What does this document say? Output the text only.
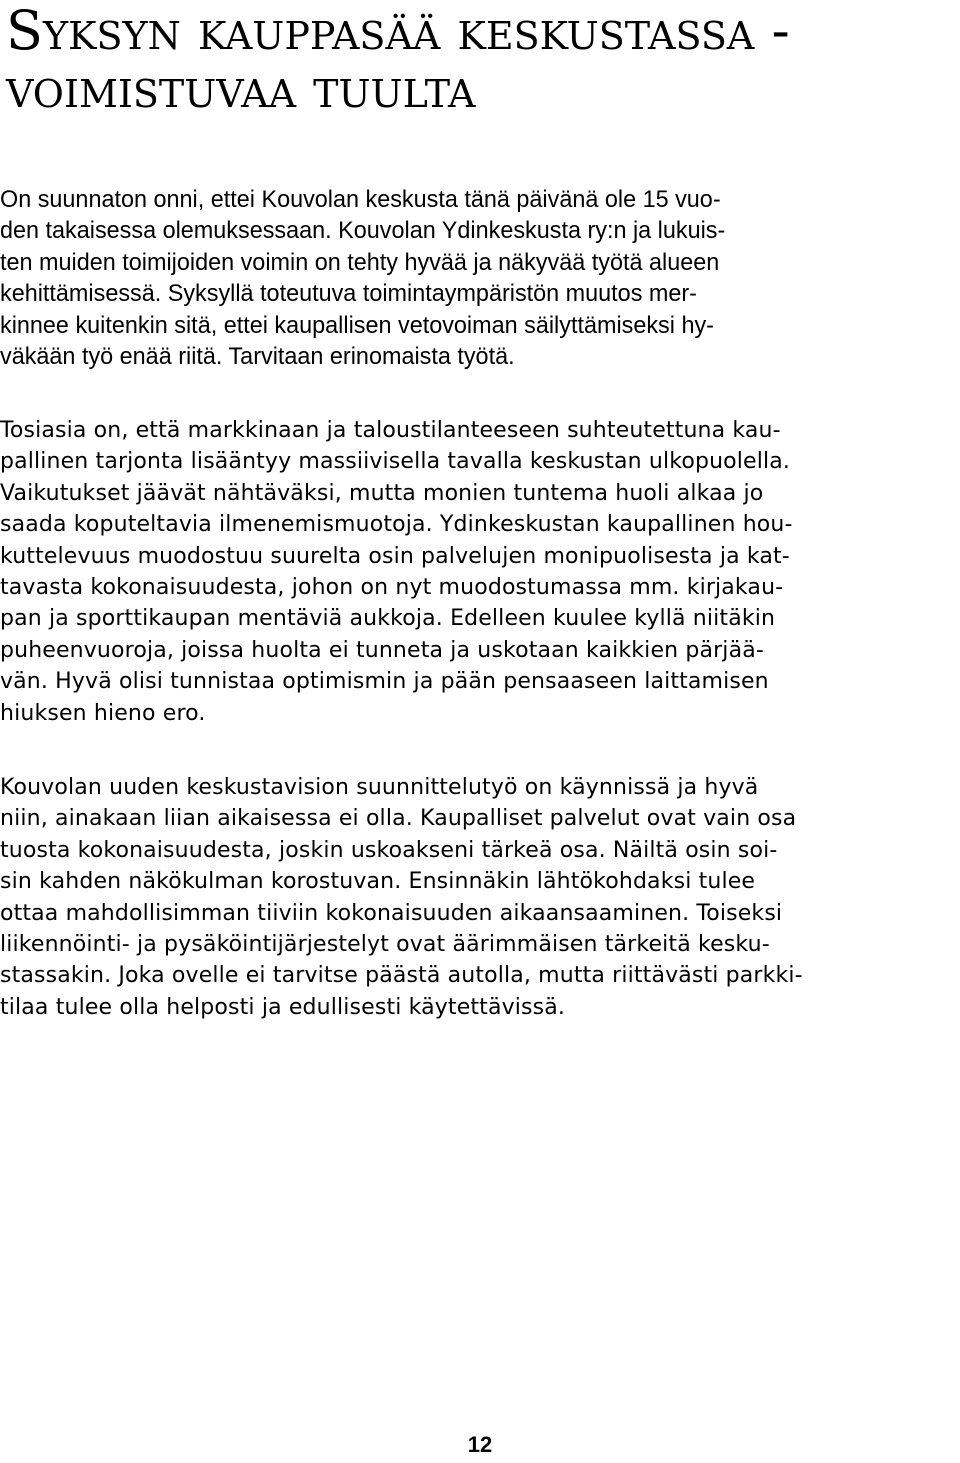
Syksyn kauppasää keskustassa -
voimistuvaa tuulta

On suunnaton onni, ettei Kouvolan keskusta tänä päivänä ole 15 vuo-
den takaisessa olemuksessaan. Kouvolan Ydinkeskusta ry:n ja lukuis-
ten muiden toimijoiden voimin on tehty hyvää ja näkyvää työtä alueen
kehittämisessä. Syksyllä toteutuva toimintaympäristön muutos mer-
kinnee kuitenkin sitä, ettei kaupallisen vetovoiman säilyttämiseksi hy-
väkään työ enää riitä. Tarvitaan erinomaista työtä.

Tosiasia on, että markkinaan ja taloustilanteeseen suhteutettuna kau-
pallinen tarjonta lisääntyy massiivisella tavalla keskustan ulkopuolella.
Vaikutukset jäävät nähtäväksi, mutta monien tuntema huoli alkaa jo
saada koputeltavia ilmenemismuotoja. Ydinkeskustan kaupallinen hou-
kuttelevuus muodostuu suurelta osin palvelujen monipuolisesta ja kat-
tavasta kokonaisuudesta, johon on nyt muodostumassa mm. kirjakau-
pan ja sporttikaupan mentäviä aukkoja. Edelleen kuulee kyllä niitäkin
puheenvuoroja, joissa huolta ei tunneta ja uskotaan kaikkien pärjää-
vän. Hyvä olisi tunnistaa optimismin ja pään pensaaseen laittamisen
hiuksen hieno ero.

Kouvolan uuden keskustavision suunnittelutyö on käynnissä ja hyvä
niin, ainakaan liian aikaisessa ei olla. Kaupalliset palvelut ovat vain osa
tuosta kokonaisuudesta, joskin uskoakseni tärkeä osa. Näiltä osin soi-
sin kahden näkökulman korostuvan. Ensinnäkin lähtökohdaksi tulee
ottaa mahdollisimman tiiviin kokonaisuuden aikaansaaminen. Toiseksi
liikennöinti- ja pysäköintijärjestelyt ovat äärimmäisen tärkeitä kesku-
stassakin. Joka ovelle ei tarvitse päästä autolla, mutta riittävästi parkki-
tilaa tulee olla helposti ja edullisesti käytettävissä.

12
